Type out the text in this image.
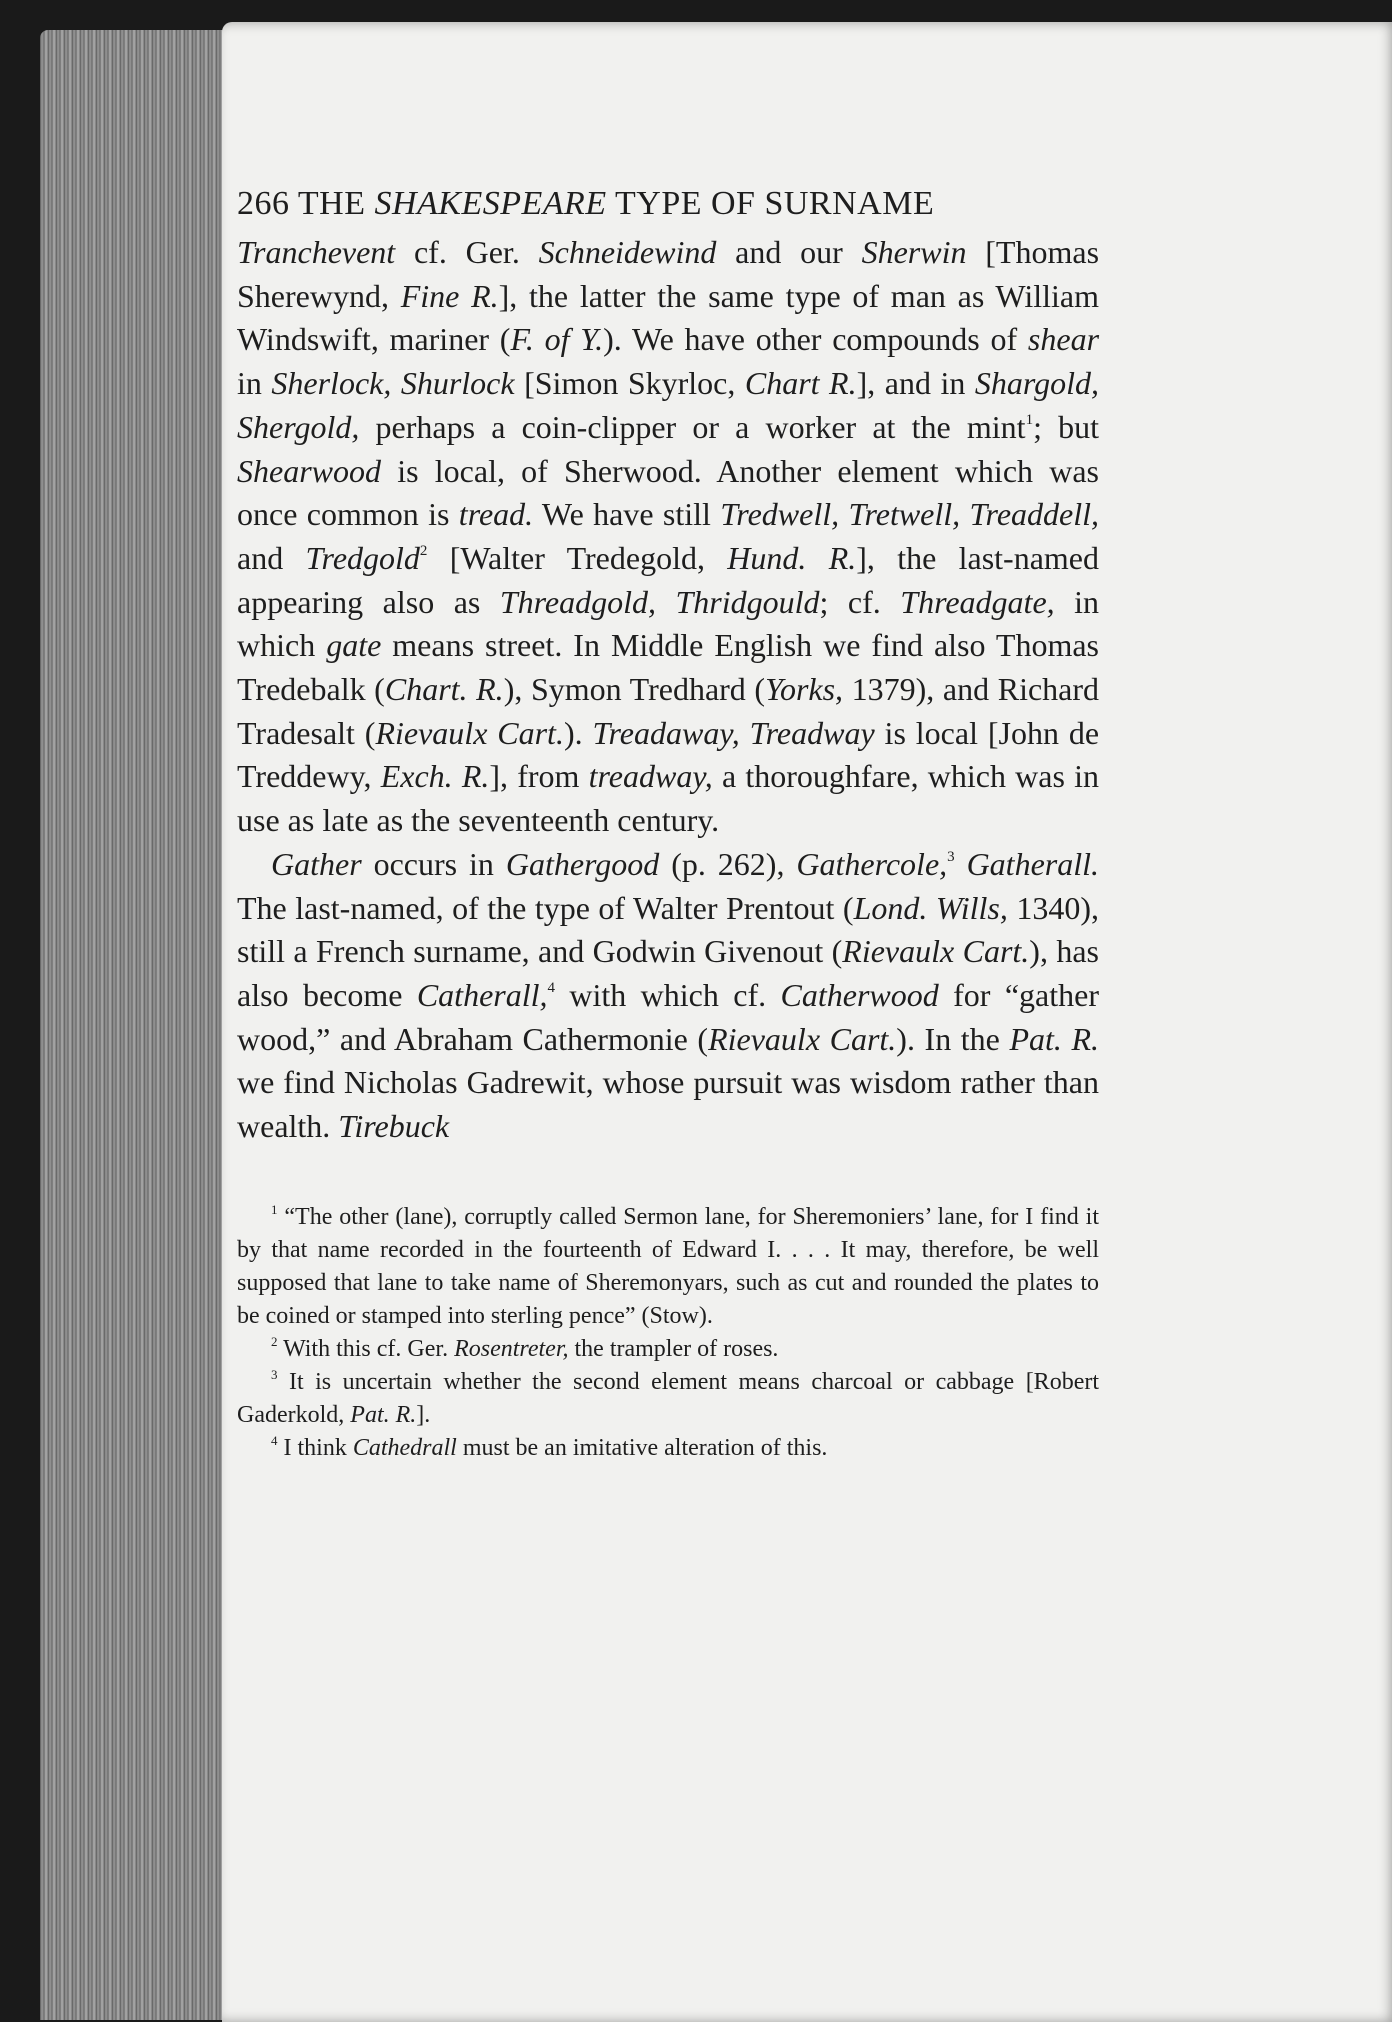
266 THE SHAKESPEARE TYPE OF SURNAME

Tranchevent cf. Ger. Schneidewind and our Sherwin [Thomas Sherewynd, Fine R.], the latter the same type of man as William Windswift, mariner (F. of Y.). We have other compounds of shear in Sherlock, Shurlock [Simon Skyrloc, Chart R.], and in Shargold, Shergold, perhaps a coin-clipper or a worker at the mint$^1$; but Shearwood is local, of Sherwood. Another element which was once common is tread. We have still Tredwell, Tretwell, Treaddell, and Tredgold$^2$ [Walter Tredegold, Hund. R.], the last-named appearing also as Threadgold, Thridgould; cf. Threadgate, in which gate means street. In Middle English we find also Thomas Tredebalk (Chart. R.), Symon Tredhard (Yorks, 1379), and Richard Tradesalt (Rievaulx Cart.). Treadaway, Treadway is local [John de Treddewy, Exch. R.], from treadway, a thoroughfare, which was in use as late as the seventeenth century.

Gather occurs in Gathergood (p. 262), Gathercole,$^3$ Gatherall. The last-named, of the type of Walter Prentout (Lond. Wills, 1340), still a French surname, and Godwin Givenout (Rievaulx Cart.), has also become Catherall,$^4$ with which cf. Catherwood for “gather wood,” and Abraham Cathermonie (Rievaulx Cart.). In the Pat. R. we find Nicholas Gadrewit, whose pursuit was wisdom rather than wealth. Tirebuck

$^1$ “The other (lane), corruptly called Sermon lane, for Sheremoniers’ lane, for I find it by that name recorded in the fourteenth of Edward I. . . . It may, therefore, be well supposed that lane to take name of Sheremonyars, such as cut and rounded the plates to be coined or stamped into sterling pence” (Stow).

$^2$ With this cf. Ger. Rosentreter, the trampler of roses.

$^3$ It is uncertain whether the second element means charcoal or cabbage [Robert Gaderkold, Pat. R.].

$^4$ I think Cathedrall must be an imitative alteration of this.
